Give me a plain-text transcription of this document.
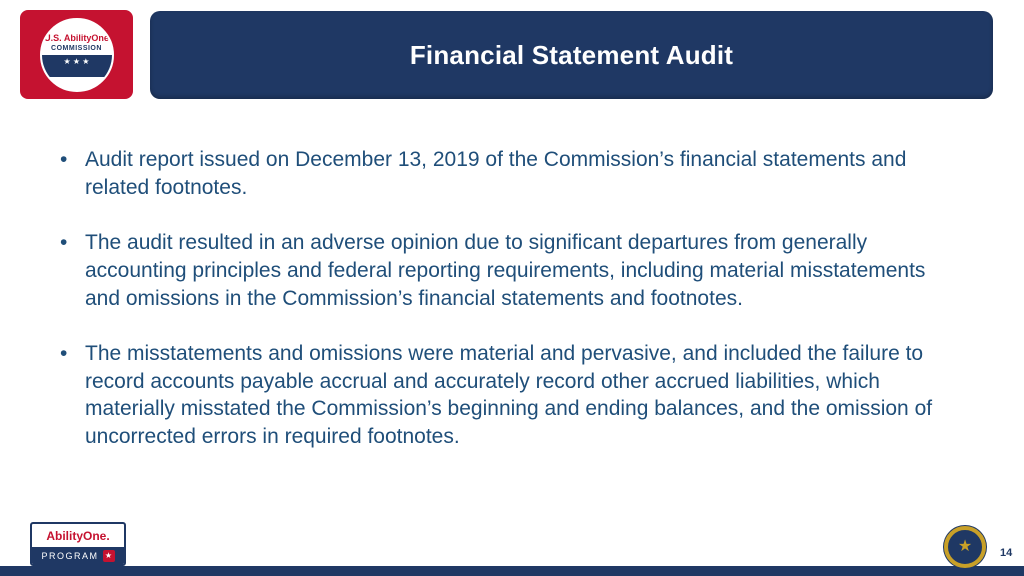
U.S. AbilityOne
COMMISSION
★ ★ ★	Financial Statement Audit
• Audit report issued on December 13, 2019 of the Commission’s financial statements and related footnotes.
• The audit resulted in an adverse opinion due to significant departures from generally accounting principles and federal reporting requirements, including material misstatements and omissions in the Commission’s financial statements and footnotes.
• The misstatements and omissions were material and pervasive, and included the failure to record accounts payable accrual and accurately record other accrued liabilities, which materially misstated the Commission’s beginning and ending balances, and the omission of uncorrected errors in required footnotes.
AbilityOne.
PROGRAM ★
★	14
